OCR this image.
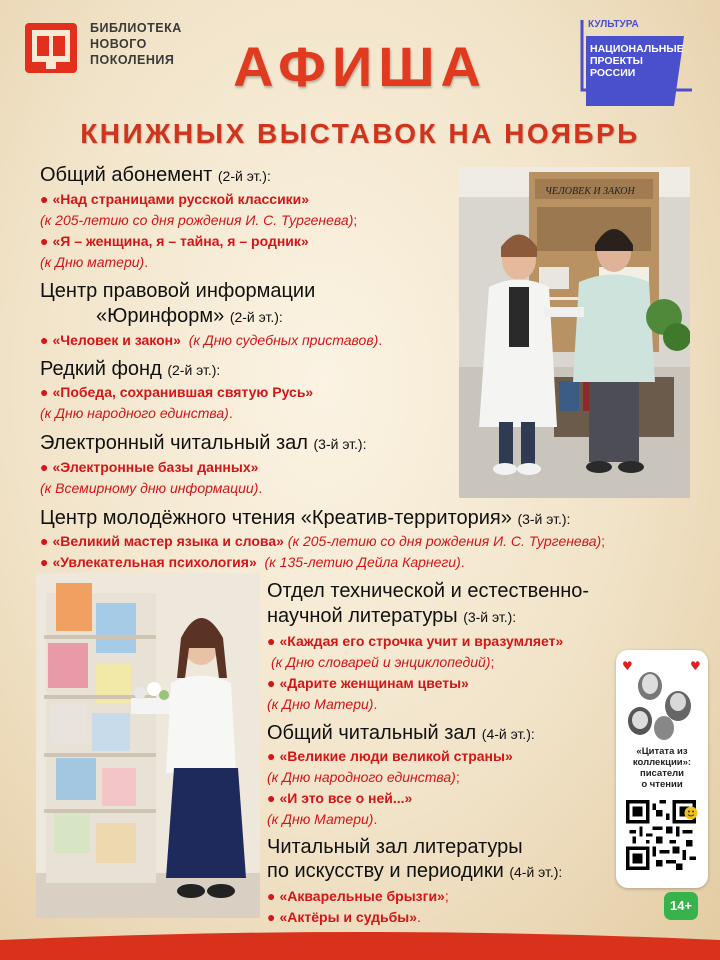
БИБЛИОТЕКА
НОВОГО
ПОКОЛЕНИЯ	АФИША
КНИЖНЫХ ВЫСТАВОК НА НОЯБРЬ
КУЛЬТУРА
НАЦИОНАЛЬНЫЕ
ПРОЕКТЫ
РОССИИ
Общий абонемент (2-й эт.):
● «Над страницами русской классики»
(к 205-летию со дня рождения И. С. Тургенева);
● «Я – женщина, я – тайна, я – родник»
(к Дню матери).
Центр правовой информации
«Юринформ» (2-й эт.):
● «Человек и закон» (к Дню судебных приставов).
Редкий фонд (2-й эт.):
● «Победа, сохранившая святую Русь»
(к Дню народного единства).
Электронный читальный зал (3-й эт.):
● «Электронные базы данных»
(к Всемирному дню информации).
Центр молодёжного чтения «Креатив-территория» (3-й эт.):
● «Великий мастер языка и слова» (к 205-летию со дня рождения И. С. Тургенева);
● «Увлекательная психология» (к 135-летию Дейла Карнеги).
Отдел технической и естественно-
научной литературы (3-й эт.):
● «Каждая его строчка учит и вразумляет»
(к Дню словарей и энциклопедий);
● «Дарите женщинам цветы»
(к Дню Матери).
Общий читальный зал (4-й эт.):
● «Великие люди великой страны»
(к Дню народного единства);
● «И это все о ней...»
(к Дню Матери).
Читальный зал литературы
по искусству и периодики (4-й эт.):
● «Акварельные брызги»;
● «Актёры и судьбы».
ЧЕЛОВЕК И ЗАКОН
♥	♥
«Цитата из
коллекции»:
писатели
о чтении
14+
